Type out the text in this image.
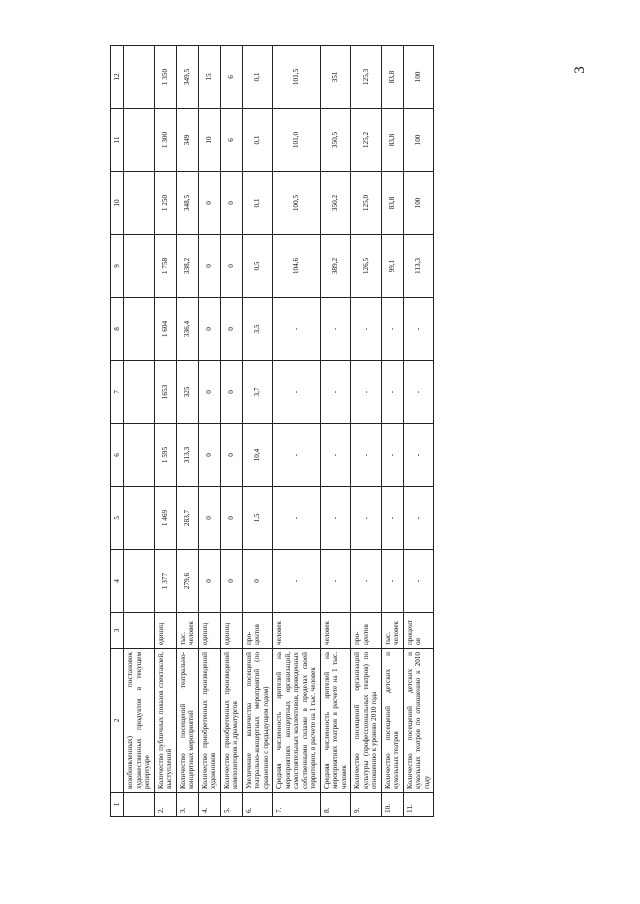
3
1	2	3	4	5	6	7	8	9	10	11	12
	возобновленных) постановок художественных продуктов в текущем репертуаре										
2.	Количество публичных показов спектаклей, выступлений	единиц	1 377	1 469	1 595	1653	1 604	1 758	1 250	1 300	1 350
3.	Количество посещений театрально-концертных мероприятий	тыс. человек	279,6	283,7	313,3	325	336,4	338,2	348,5	349	349,5
4.	Количество приобретенных произведений художников	единиц	0	0	0	0	0	0	0	10	15
5.	Количество приобретенных произведений композиторов и драматургов	единиц	0	0	0	0	0	0	0	6	6
6.	Увеличение количества посещений театрально-концертных мероприятий (по сравнению с предыдущим годом)	про-центов	0	1,5	10,4	3,7	3,5	0,5	0,1	0,1	0,1
7.	Средняя численность зрителей на мероприятиях концертных организаций, самостоятельных коллективов, проведенных собственными силами в пределах своей территории, в расчете на 1 тыс. человек	человек	-	-	-	-	-	104,6	100,5	101,0	101,5
8.	Средняя численность зрителей на мероприятиях театров в расчете на 1 тыс. человек	человек	-	-	-	-	-	389,2	350,2	350,5	351
9.	Количество посещений организаций культуры (профессиональных театров) по отношению к уровню 2010 года	про-центов	-	-	-	-	-	126,5	125,0	125,2	125,3
10.	Количество посещений детских и кукольных театров	тыс. человек	-	-	-	-	-	99,1	83,8	83,8	83,8
11.	Количество посещений детских и кукольных театров по отношению к 2010 году	процент ов	-	-	-	-	-	113,3	100	100	100
